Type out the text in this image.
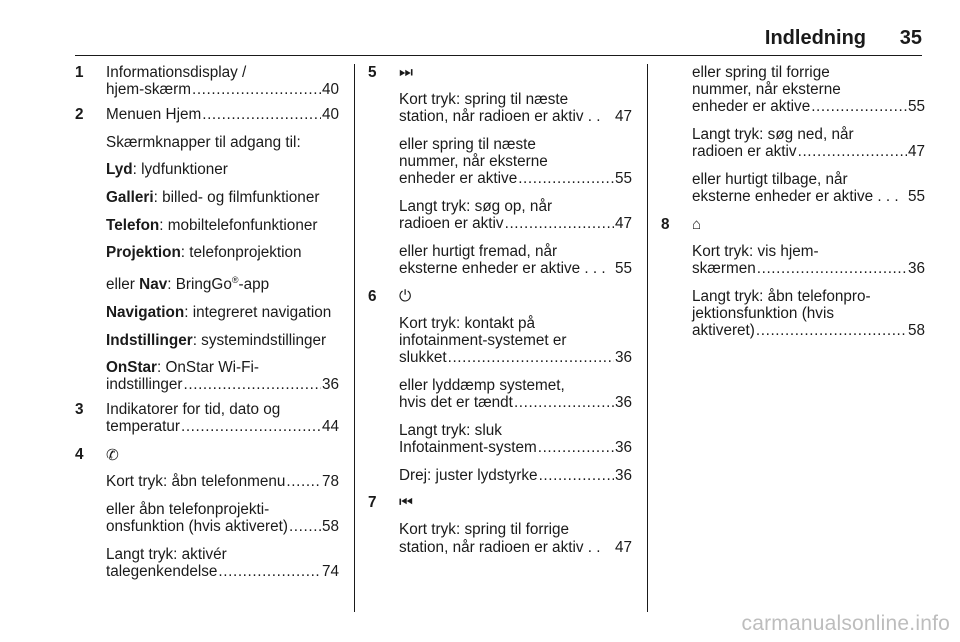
Indledning 35
1 Informationsdisplay /
hjem-skærm .....	40
2 Menuen Hjem .....	40
Skærmknapper til adgang til:
Lyd: lydfunktioner
Galleri: billed- og filmfunktioner
Telefon: mobiltelefonfunktioner
Projektion: telefonprojektion
eller Nav: BringGo®-app
Navigation: integreret navigation
Indstillinger: systemindstillinger
OnStar: OnStar Wi-Fi-
indstillinger .....	36
3 Indikatorer for tid, dato og
temperatur .....	44
4 ✆
Kort tryk: åbn telefonmenu ..... 78
eller åbn telefonprojekti-
onsfunktion (hvis aktiveret) ..... 58
Langt tryk: aktivér
talegenkendelse .....	74
5 ⏭
Kort tryk: spring til næste
station, når radioen er aktiv . . 47
eller spring til næste
nummer, når eksterne
enheder er aktive .....	55
Langt tryk: søg op, når
radioen er aktiv .....	47
eller hurtigt fremad, når
eksterne enheder er aktive . . . 55
6 ⏻
Kort tryk: kontakt på
infotainment-systemet er
slukket .....	36
eller lyddæmp systemet,
hvis det er tændt .....	36
Langt tryk: sluk
Infotainment-system .....	36
Drej: juster lydstyrke .....	36
7 ⏮
Kort tryk: spring til forrige
station, når radioen er aktiv . . 47
eller spring til forrige
nummer, når eksterne
enheder er aktive .....	55
Langt tryk: søg ned, når
radioen er aktiv .....	47
eller hurtigt tilbage, når
eksterne enheder er aktive . . . 55
8 ⌂
Kort tryk: vis hjem-
skærmen .....	36
Langt tryk: åbn telefonpro-
jektionsfunktion (hvis
aktiveret) .....	58
carmanualsonline.info
